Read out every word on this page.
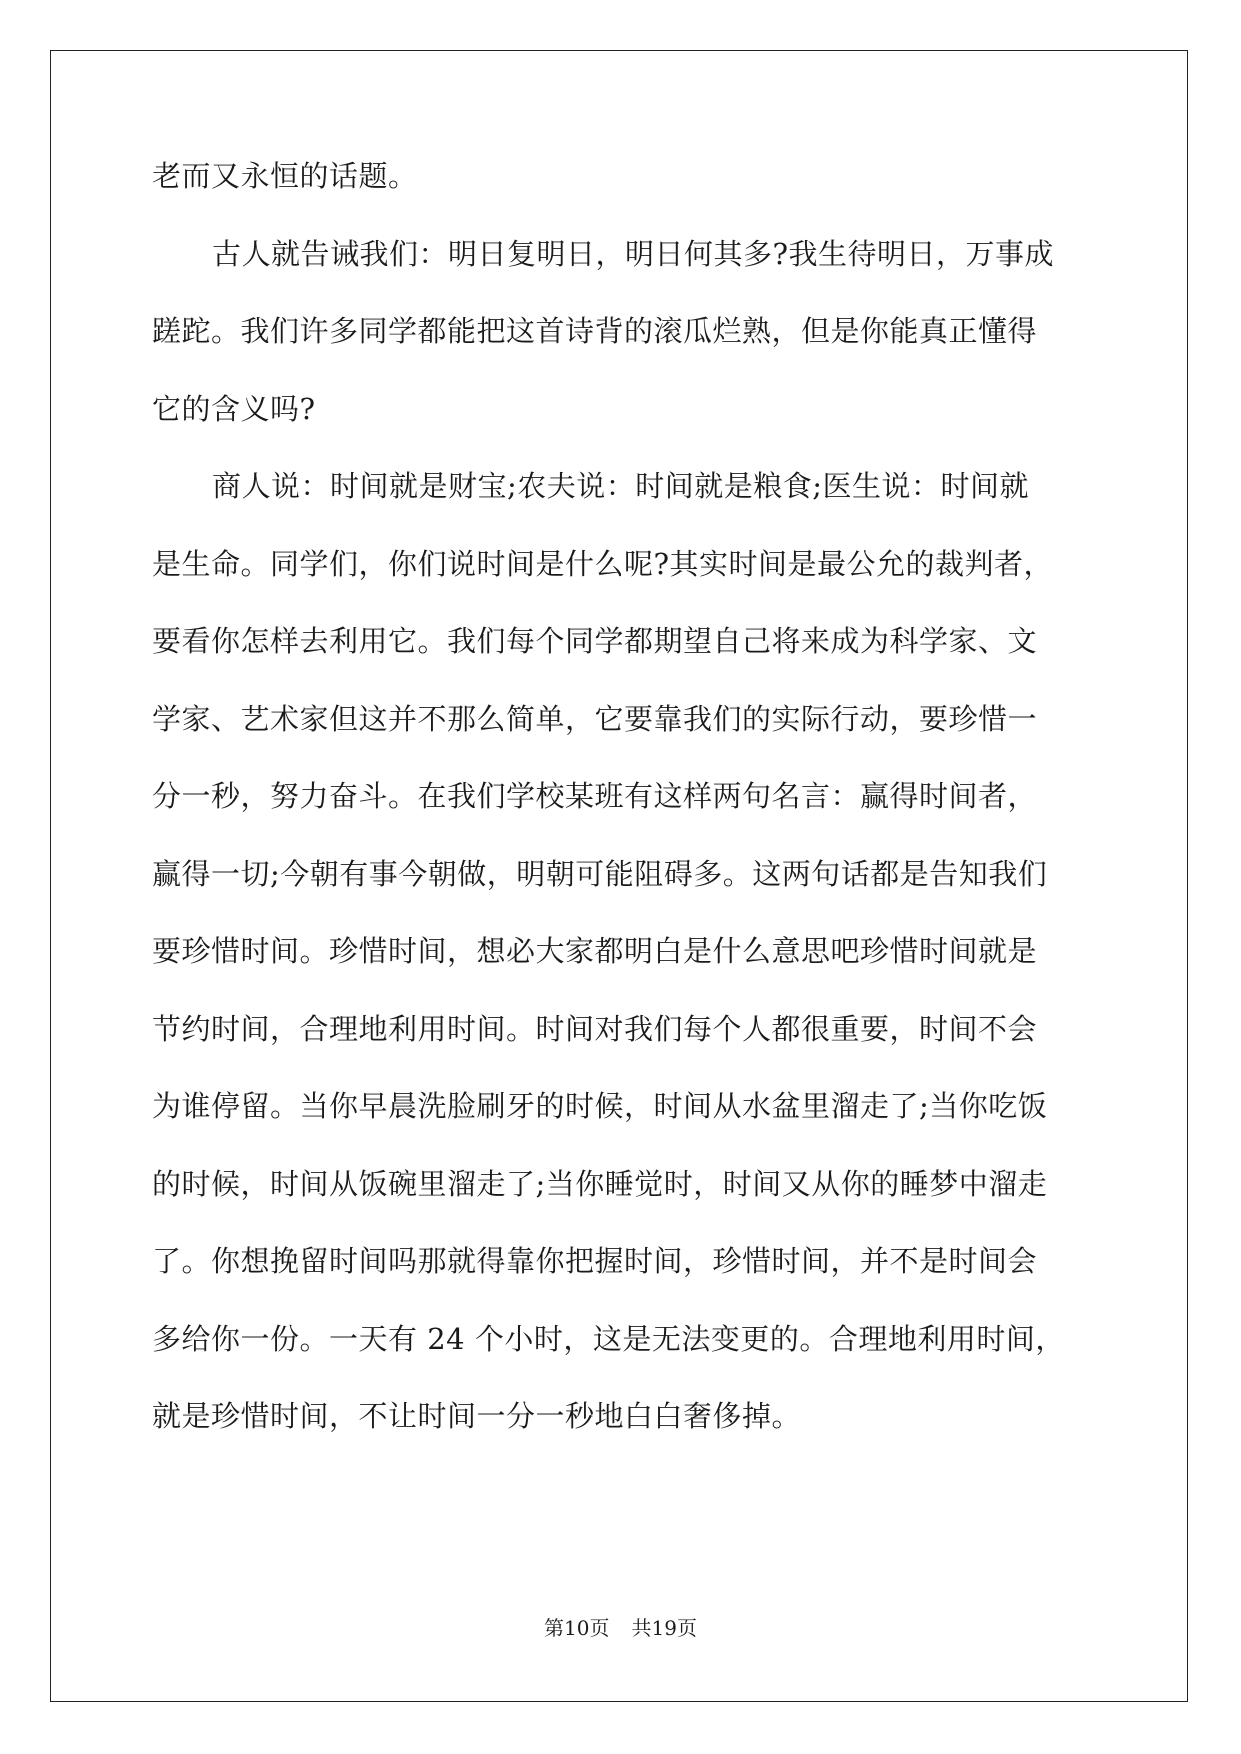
老而又永恒的话题。
古人就告诫我们：明日复明日，明日何其多?我生待明日，万事成
蹉跎。我们许多同学都能把这首诗背的滚瓜烂熟，但是你能真正懂得
它的含义吗?
商人说：时间就是财宝;农夫说：时间就是粮食;医生说：时间就
是生命。同学们，你们说时间是什么呢?其实时间是最公允的裁判者，
要看你怎样去利用它。我们每个同学都期望自己将来成为科学家、文
学家、艺术家但这并不那么简单，它要靠我们的实际行动，要珍惜一
分一秒，努力奋斗。在我们学校某班有这样两句名言：赢得时间者，
赢得一切;今朝有事今朝做，明朝可能阻碍多。这两句话都是告知我们
要珍惜时间。珍惜时间，想必大家都明白是什么意思吧珍惜时间就是
节约时间，合理地利用时间。时间对我们每个人都很重要，时间不会
为谁停留。当你早晨洗脸刷牙的时候，时间从水盆里溜走了;当你吃饭
的时候，时间从饭碗里溜走了;当你睡觉时，时间又从你的睡梦中溜走
了。你想挽留时间吗那就得靠你把握时间，珍惜时间，并不是时间会
多给你一份。一天有 24 个小时，这是无法变更的。合理地利用时间，
就是珍惜时间，不让时间一分一秒地白白奢侈掉。
第10页 共19页
